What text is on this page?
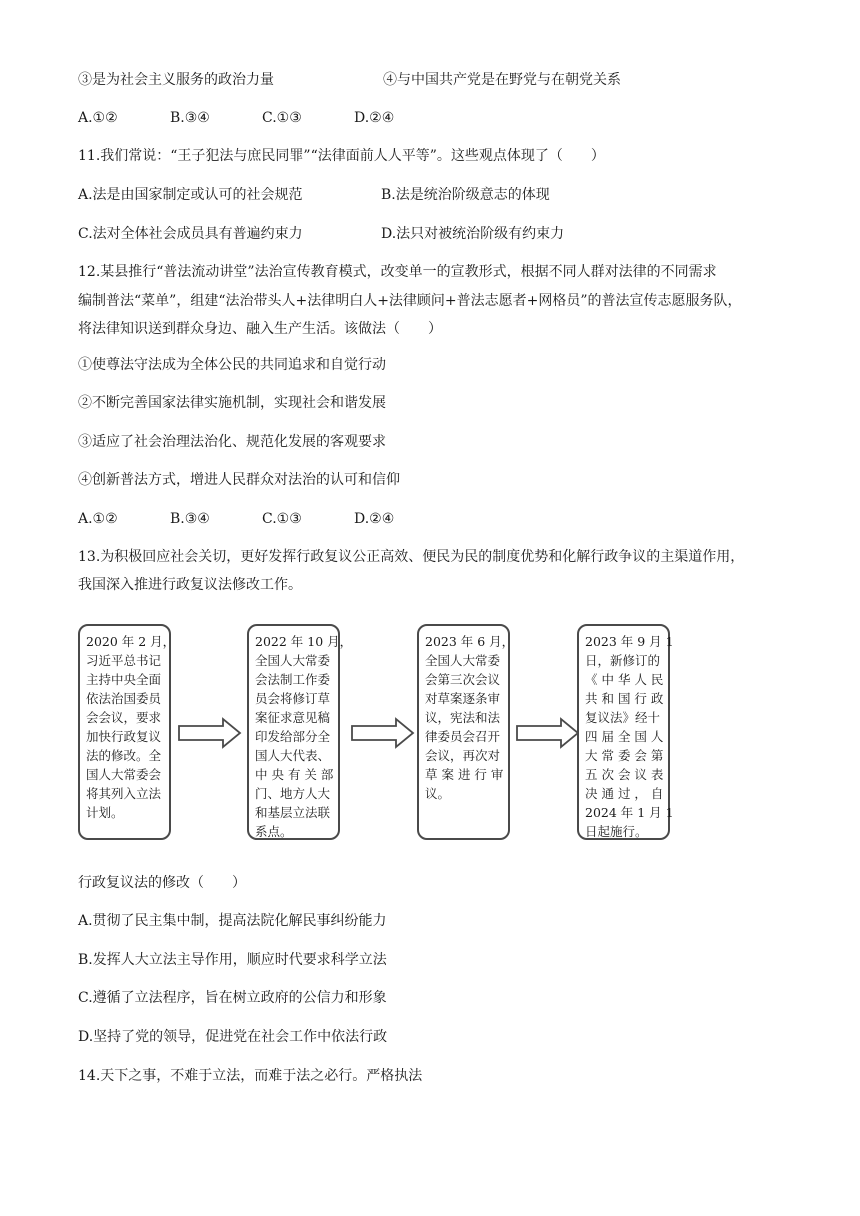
③是为社会主义服务的政治力量	④与中国共产党是在野党与在朝党关系
A.①②	B.③④	C.①③	D.②④
11.我们常说：“王子犯法与庶民同罪”“法律面前人人平等”。这些观点体现了（　　）
A.法是由国家制定或认可的社会规范	B.法是统治阶级意志的体现
C.法对全体社会成员具有普遍约束力	D.法只对被统治阶级有约束力
12.某县推行“普法流动讲堂”法治宣传教育模式，改变单一的宣教形式，根据不同人群对法律的不同需求
编制普法“菜单”，组建“法治带头人+法律明白人+法律顾问+普法志愿者+网格员”的普法宣传志愿服务队，
将法律知识送到群众身边、融入生产生活。该做法（　　）
①使尊法守法成为全体公民的共同追求和自觉行动
②不断完善国家法律实施机制，实现社会和谐发展
③适应了社会治理法治化、规范化发展的客观要求
④创新普法方式，增进人民群众对法治的认可和信仰
A.①②	B.③④	C.①③	D.②④
13.为积极回应社会关切，更好发挥行政复议公正高效、便民为民的制度优势和化解行政争议的主渠道作用，
我国深入推进行政复议法修改工作。
2020 年 2 月，
习近平总书记
主持中央全面
依法治国委员
会会议，要求
加快行政复议
法的修改。全
国人大常委会
将其列入立法
计划。
2022 年 10 月，
全国人大常委
会法制工作委
员会将修订草
案征求意见稿
印发给部分全
国人大代表、
中 央 有 关 部
门、地方人大
和基层立法联
系点。
2023 年 6 月，
全国人大常委
会第三次会议
对草案逐条审
议，宪法和法
律委员会召开
会议，再次对
草 案 进 行 审
议。
2023 年 9 月 1
日，新修订的
《 中 华 人 民
共 和 国 行 政
复议法》经十
四 届 全 国 人
大 常 委 会 第
五 次 会 议 表
决 通 过 ， 自
2024 年 1 月 1
日起施行。
行政复议法的修改（　　）
A.贯彻了民主集中制，提高法院化解民事纠纷能力
B.发挥人大立法主导作用，顺应时代要求科学立法
C.遵循了立法程序，旨在树立政府的公信力和形象
D.坚持了党的领导，促进党在社会工作中依法行政
14.天下之事，不难于立法，而难于法之必行。严格执法
